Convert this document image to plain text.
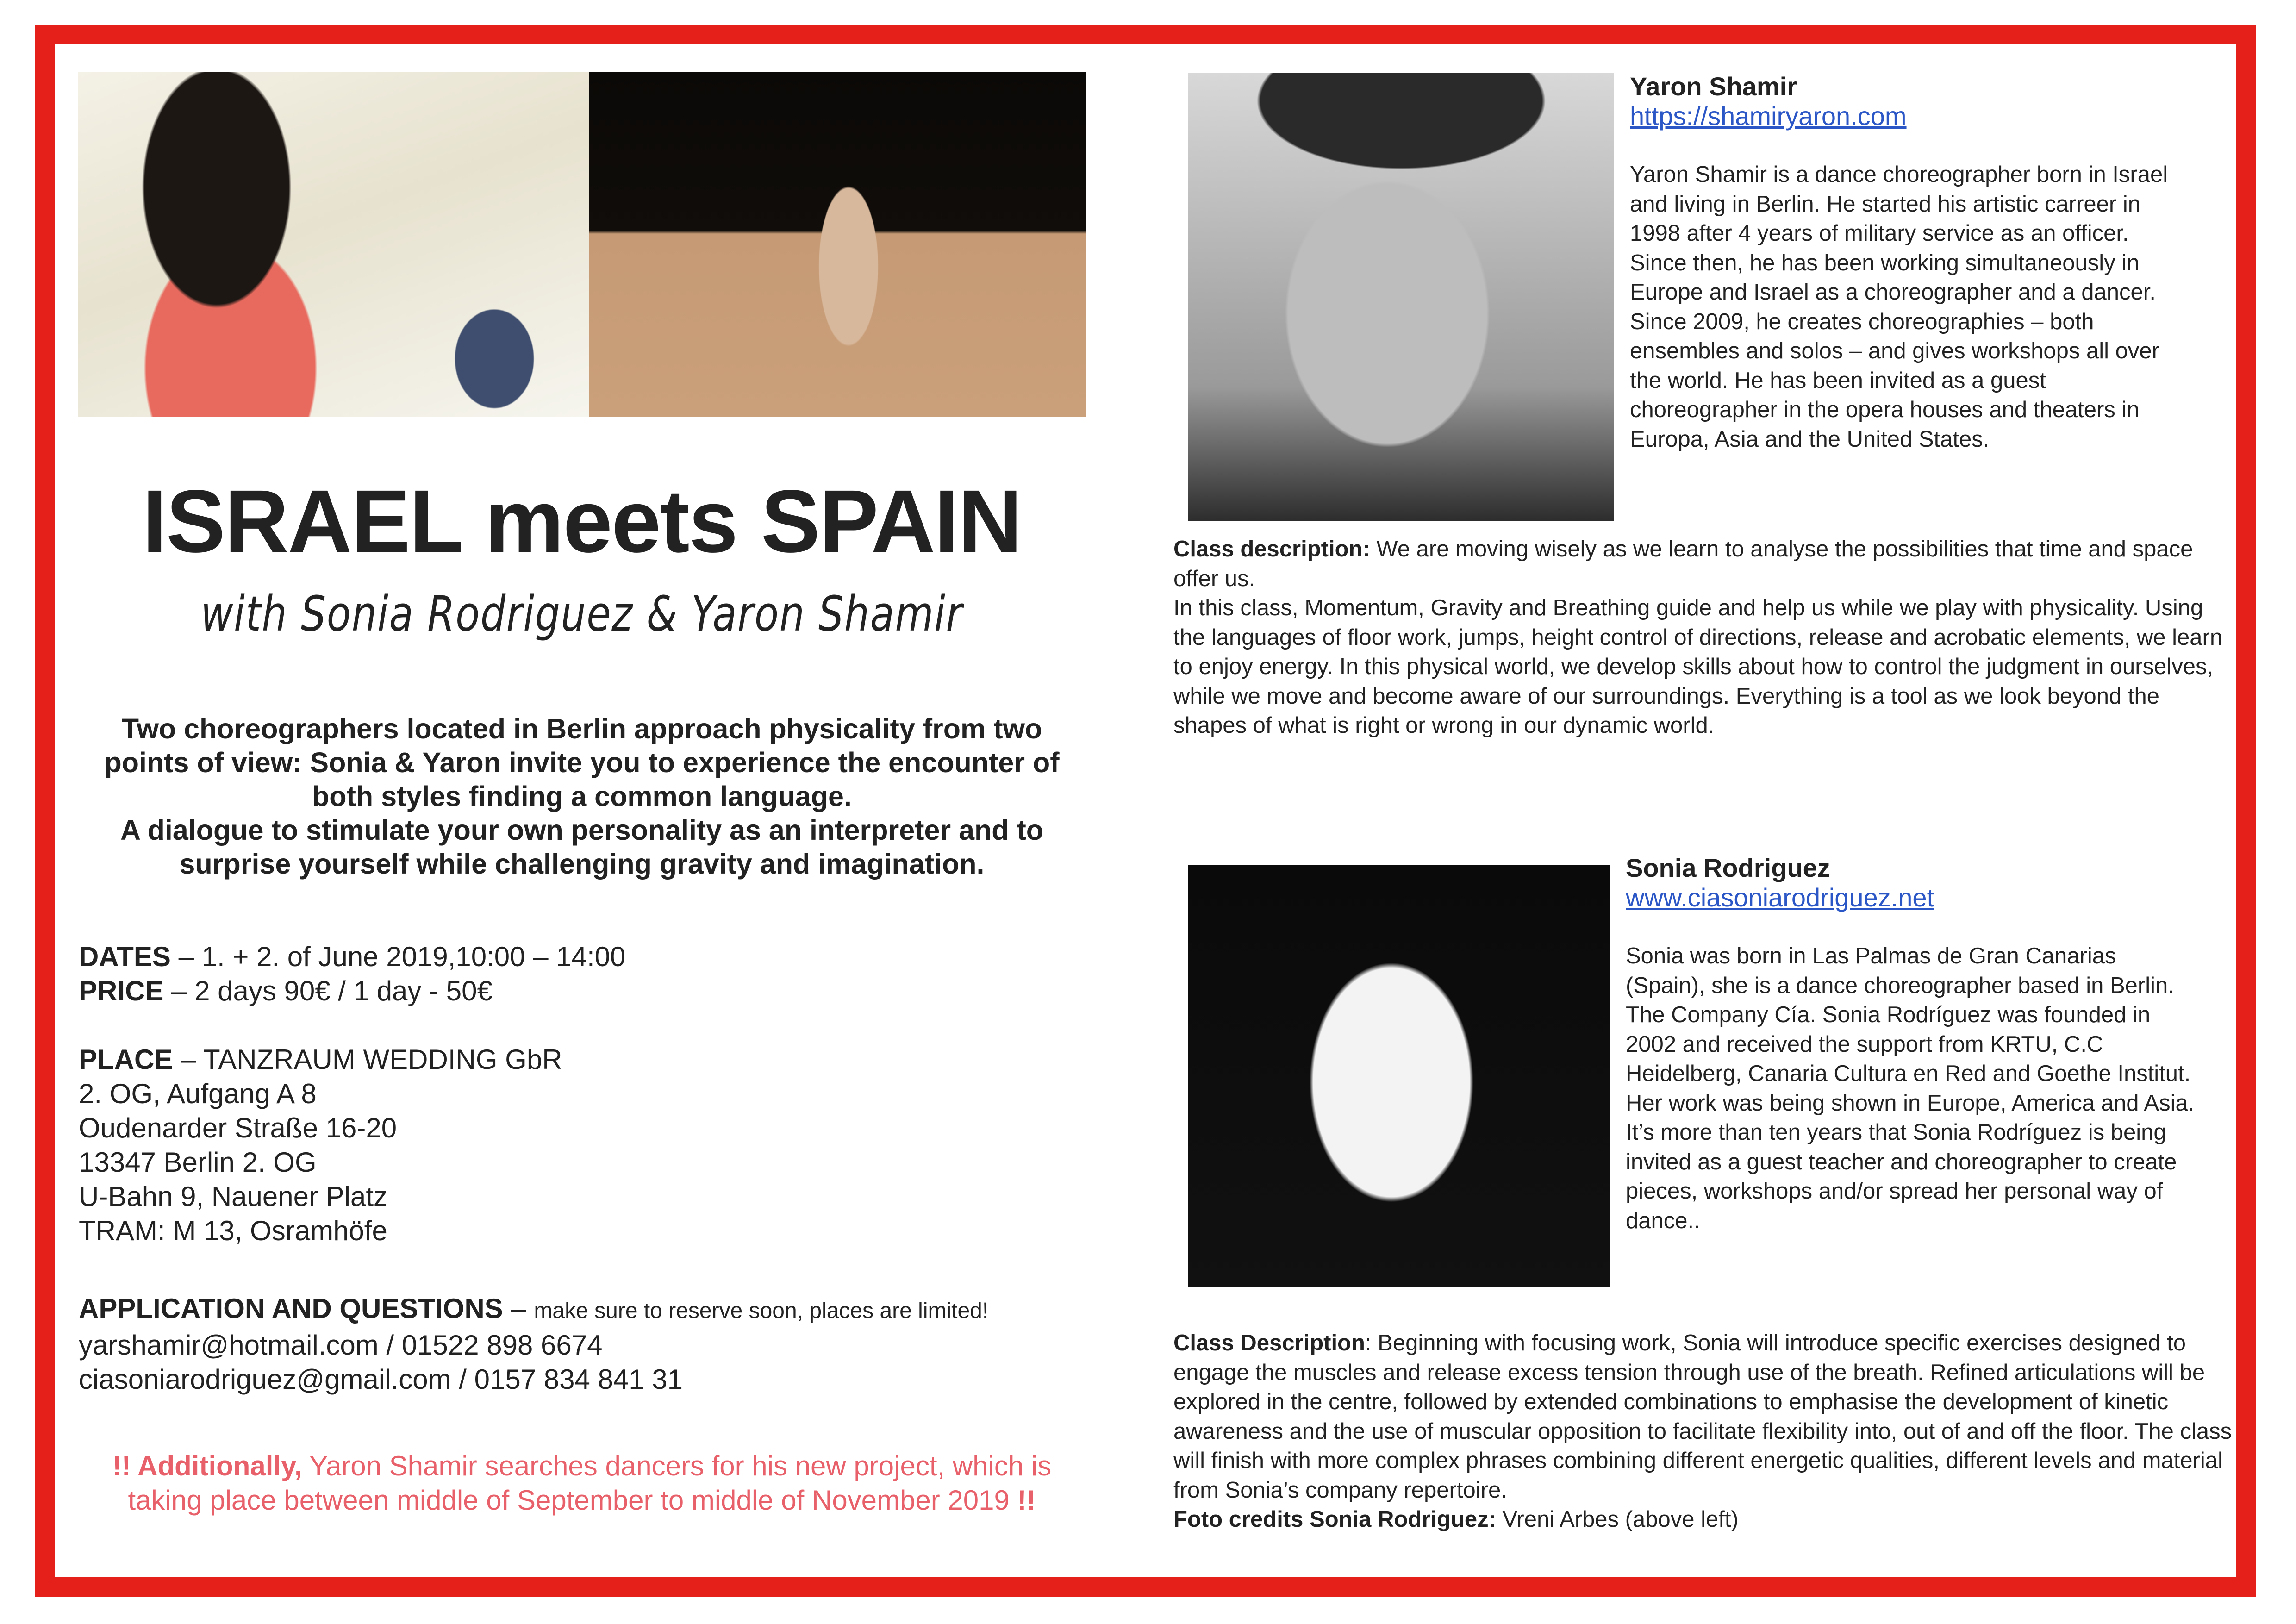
ISRAEL meets SPAIN
with Sonia Rodriguez & Yaron Shamir

Two choreographers located in Berlin approach physicality from two points of view: Sonia & Yaron invite you to experience the encounter of both styles finding a common language.

A dialogue to stimulate your own personality as an interpreter and to surprise yourself while challenging gravity and imagination.

DATES – 1. + 2. of June 2019,10:00 – 14:00
PRICE – 2 days 90€ / 1 day - 50€
PLACE – TANZRAUM WEDDING GbR
2. OG, Aufgang A 8
Oudenarder Straße 16-20
13347 Berlin 2. OG
U-Bahn 9, Nauener Platz
TRAM: M 13, Osramhöfe
APPLICATION AND QUESTIONS – make sure to reserve soon, places are limited!
yarshamir@hotmail.com / 01522 898 6674
ciasoniarodriguez@gmail.com / 0157 834 841 31
!! Additionally, Yaron Shamir searches dancers for his new project, which is taking place between middle of September to middle of November 2019 !!
Yaron Shamir
https://shamiryaron.com
Yaron Shamir is a dance choreographer born in Israel and living in Berlin. He started his artistic carreer in 1998 after 4 years of military service as an officer. Since then, he has been working simultaneously in Europe and Israel as a choreographer and a dancer. Since 2009, he creates choreographies – both ensembles and solos – and gives workshops all over the world. He has been invited as a guest choreographer in the opera houses and theaters in Europa, Asia and the United States.

Class description: We are moving wisely as we learn to analyse the possibilities that time and space offer us.

In this class, Momentum, Gravity and Breathing guide and help us while we play with physicality. Using the languages of floor work, jumps, height control of directions, release and acrobatic elements, we learn to enjoy energy. In this physical world, we develop skills about how to control the judgment in ourselves, while we move and become aware of our surroundings. Everything is a tool as we look beyond the shapes of what is right or wrong in our dynamic world.

Sonia Rodriguez
www.ciasoniarodriguez.net
Sonia was born in Las Palmas de Gran Canarias (Spain), she is a dance choreographer based in Berlin.
The Company Cía. Sonia Rodríguez was founded in 2002 and received the support from KRTU, C.C Heidelberg, Canaria Cultura en Red and Goethe Institut. Her work was being shown in Europe, America and Asia.
It’s more than ten years that Sonia Rodríguez is being invited as a guest teacher and choreographer to create pieces, workshops and/or spread her personal way of dance..

Class Description: Beginning with focusing work, Sonia will introduce specific exercises designed to engage the muscles and release excess tension through use of the breath. Refined articulations will be explored in the centre, followed by extended combinations to emphasise the development of kinetic awareness and the use of muscular opposition to facilitate flexibility into, out of and off the floor. The class will finish with more complex phrases combining different energetic qualities, different levels and material from Sonia’s company repertoire.

Foto credits Sonia Rodriguez: Vreni Arbes (above left)
